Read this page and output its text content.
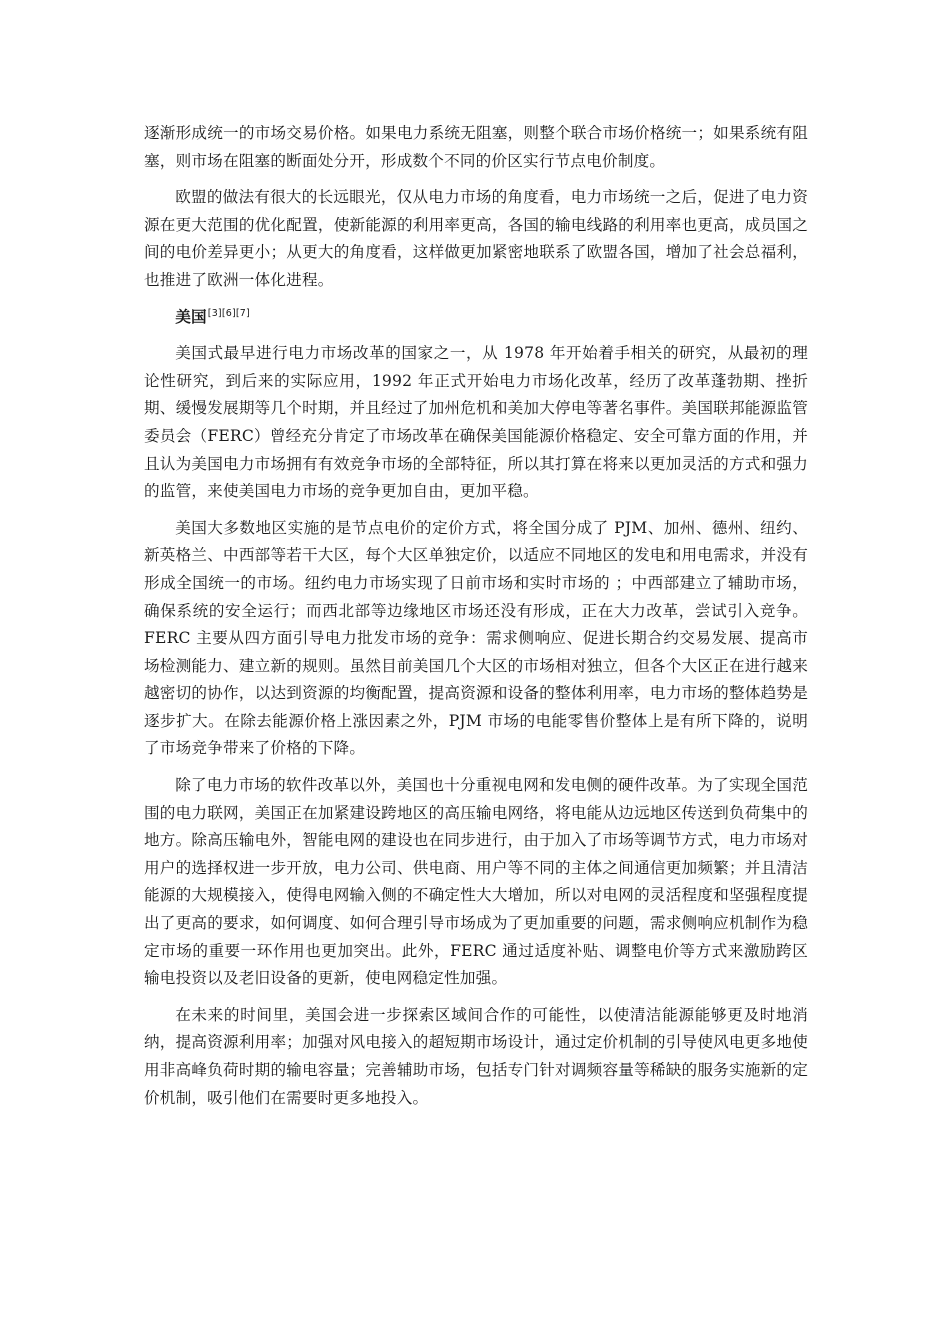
逐渐形成统一的市场交易价格。如果电力系统无阻塞，则整个联合市场价格统一；如果系统有阻塞，则市场在阻塞的断面处分开，形成数个不同的价区实行节点电价制度。

欧盟的做法有很大的长远眼光，仅从电力市场的角度看，电力市场统一之后，促进了电力资源在更大范围的优化配置，使新能源的利用率更高，各国的输电线路的利用率也更高，成员国之间的电价差异更小；从更大的角度看，这样做更加紧密地联系了欧盟各国，增加了社会总福利，也推进了欧洲一体化进程。

美国[3][6][7]

美国式最早进行电力市场改革的国家之一，从 1978 年开始着手相关的研究，从最初的理论性研究，到后来的实际应用，1992 年正式开始电力市场化改革，经历了改革蓬勃期、挫折期、缓慢发展期等几个时期，并且经过了加州危机和美加大停电等著名事件。美国联邦能源监管委员会（FERC）曾经充分肯定了市场改革在确保美国能源价格稳定、安全可靠方面的作用，并且认为美国电力市场拥有有效竞争市场的全部特征，所以其打算在将来以更加灵活的方式和强力的监管，来使美国电力市场的竞争更加自由，更加平稳。

美国大多数地区实施的是节点电价的定价方式，将全国分成了 PJM、加州、德州、纽约、新英格兰、中西部等若干大区，每个大区单独定价，以适应不同地区的发电和用电需求，并没有形成全国统一的市场。纽约电力市场实现了日前市场和实时市场的 ；中西部建立了辅助市场，确保系统的安全运行；而西北部等边缘地区市场还没有形成，正在大力改革，尝试引入竞争。FERC 主要从四方面引导电力批发市场的竞争：需求侧响应、促进长期合约交易发展、提高市场检测能力、建立新的规则。虽然目前美国几个大区的市场相对独立，但各个大区正在进行越来越密切的协作，以达到资源的均衡配置，提高资源和设备的整体利用率，电力市场的整体趋势是逐步扩大。在除去能源价格上涨因素之外，PJM 市场的电能零售价整体上是有所下降的，说明了市场竞争带来了价格的下降。

除了电力市场的软件改革以外，美国也十分重视电网和发电侧的硬件改革。为了实现全国范围的电力联网，美国正在加紧建设跨地区的高压输电网络，将电能从边远地区传送到负荷集中的地方。除高压输电外，智能电网的建设也在同步进行，由于加入了市场等调节方式，电力市场对用户的选择权进一步开放，电力公司、供电商、用户等不同的主体之间通信更加频繁；并且清洁能源的大规模接入，使得电网输入侧的不确定性大大增加，所以对电网的灵活程度和坚强程度提出了更高的要求，如何调度、如何合理引导市场成为了更加重要的问题，需求侧响应机制作为稳定市场的重要一环作用也更加突出。此外，FERC 通过适度补贴、调整电价等方式来激励跨区输电投资以及老旧设备的更新，使电网稳定性加强。

在未来的时间里，美国会进一步探索区域间合作的可能性，以使清洁能源能够更及时地消纳，提高资源利用率；加强对风电接入的超短期市场设计，通过定价机制的引导使风电更多地使用非高峰负荷时期的输电容量；完善辅助市场，包括专门针对调频容量等稀缺的服务实施新的定价机制，吸引他们在需要时更多地投入。
